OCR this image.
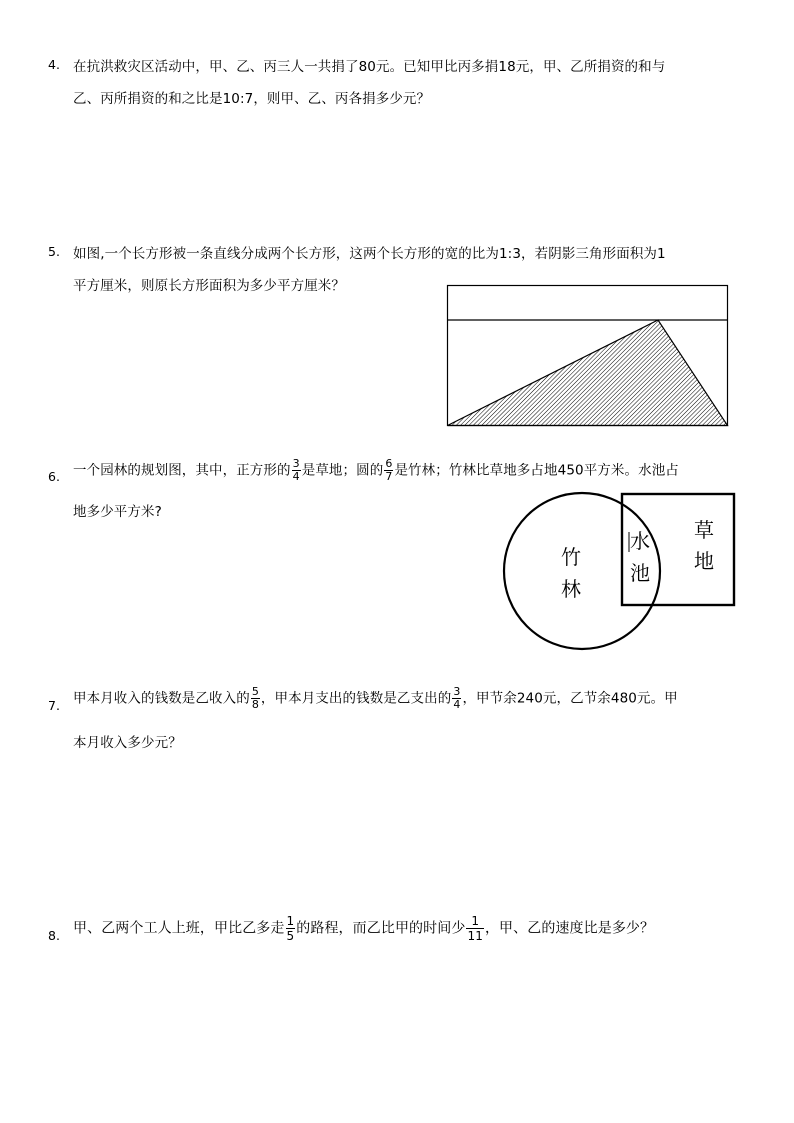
4. 在抗洪救灾区活动中，甲、乙、丙三人一共捐了80元。已知甲比丙多捐18元，甲、乙所捐资的和与
乙、丙所捐资的和之比是10:7，则甲、乙、丙各捐多少元？
5. 如图,一个长方形被一条直线分成两个长方形，这两个长方形的宽的比为1:3，若阴影三角形面积为1
平方厘米，则原长方形面积为多少平方厘米？
6. 一个园林的规划图，其中，正方形的 $\frac{3}{4}$ 是草地；圆的 $\frac{6}{7}$ 是竹林；竹林比草地多占地450平方米。水池占
地多少平方米?
竹
林
水
池
草
地
7. 甲本月收入的钱数是乙收入的 $\frac{5}{8}$ ，甲本月支出的钱数是乙支出的 $\frac{3}{4}$ ，甲节余240元，乙节余480元。甲
本月收入多少元？
8. 甲、乙两个工人上班，甲比乙多走 $\frac{1}{5}$ 的路程，而乙比甲的时间少 $\frac{1}{11}$ ，甲、乙的速度比是多少？
